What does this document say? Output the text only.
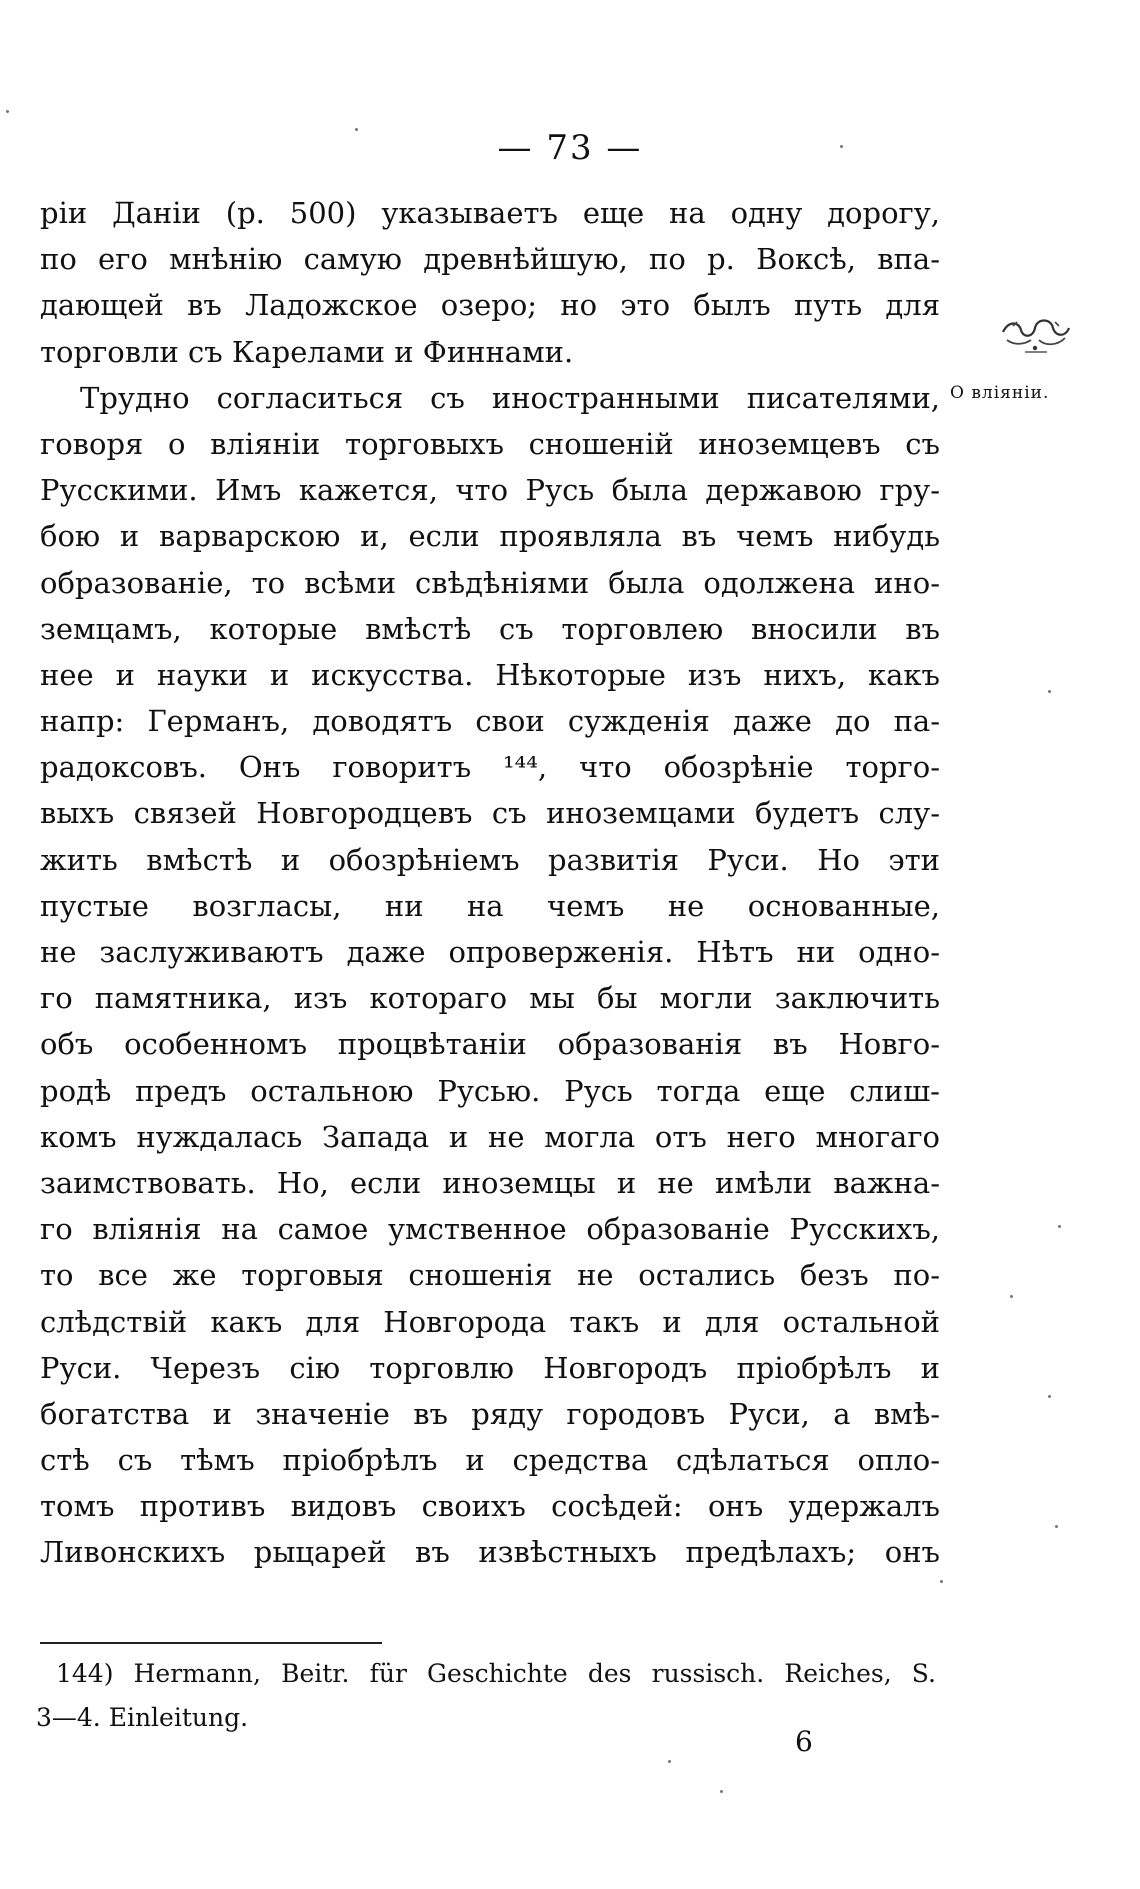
— 73 —
ріи Даніи (р. 500) указываетъ еще на одну дорогу,
по его мнѣнію самую древнѣйшую, по р. Воксѣ, впа-
дающей въ Ладожское озеро; но это былъ путь для
торговли съ Карелами и Финнами.
Трудно согласиться съ иностранными писателями,
говоря о вліяніи торговыхъ сношеній иноземцевъ съ
Русскими. Имъ кажется, что Русь была державою гру-
бою и варварскою и, если проявляла въ чемъ нибудь
образованіе, то всѣми свѣдѣніями была одолжена ино-
земцамъ, которые вмѣстѣ съ торговлею вносили въ
нее и науки и искусства. Нѣкоторые изъ нихъ, какъ
напр: Германъ, доводятъ свои сужденія даже до па-
радоксовъ. Онъ говоритъ ¹⁴⁴, что обозрѣніе торго-
выхъ связей Новгородцевъ съ иноземцами будетъ слу-
жить вмѣстѣ и обозрѣніемъ развитія Руси. Но эти
пустые возгласы, ни на чемъ не основанные,
не заслуживаютъ даже опроверженія. Нѣтъ ни одно-
го памятника, изъ котораго мы бы могли заключить
объ особенномъ процвѣтаніи образованія въ Новго-
родѣ предъ остальною Русью. Русь тогда еще слиш-
комъ нуждалась Запада и не могла отъ него многаго
заимствовать. Но, если иноземцы и не имѣли важна-
го вліянія на самое умственное образованіе Русскихъ,
то все же торговыя сношенія не остались безъ по-
слѣдствій какъ для Новгорода такъ и для остальной
Руси. Черезъ сію торговлю Новгородъ пріобрѣлъ и
богатства и значеніе въ ряду городовъ Руси, а вмѣ-
стѣ съ тѣмъ пріобрѣлъ и средства сдѣлаться оплo-
томъ противъ видовъ своихъ сосѣдей: онъ удержалъ
Ливонскихъ рыцарей въ извѣстныхъ предѣлахъ; онъ
О вліяніи.
144) Hermann, Beitr. für Geschichte des russisch. Reiches, S.
3—4. Einleitung.
6
